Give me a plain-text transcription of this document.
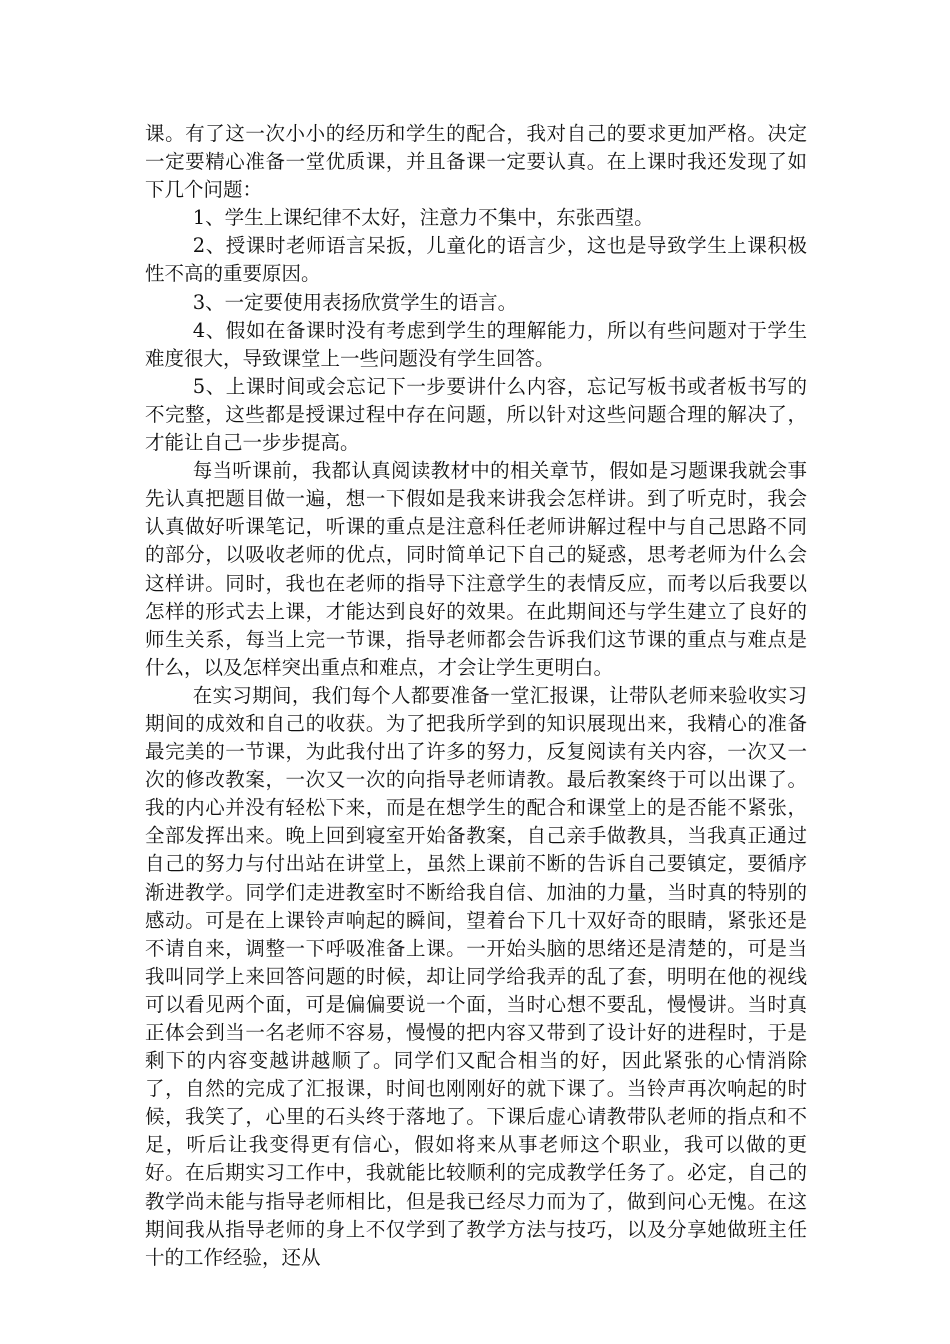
课。有了这一次小小的经历和学生的配合，我对自己的要求更加严格。决定一定要精心准备一堂优质课，并且备课一定要认真。在上课时我还发现了如下几个问题：

1、学生上课纪律不太好，注意力不集中，东张西望。

2、授课时老师语言呆扳，儿童化的语言少，这也是导致学生上课积极性不高的重要原因。

3、一定要使用表扬欣赏学生的语言。

4、假如在备课时没有考虑到学生的理解能力，所以有些问题对于学生难度很大，导致课堂上一些问题没有学生回答。

5、上课时间或会忘记下一步要讲什么内容，忘记写板书或者板书写的不完整，这些都是授课过程中存在问题，所以针对这些问题合理的解决了，才能让自己一步步提高。

每当听课前，我都认真阅读教材中的相关章节，假如是习题课我就会事先认真把题目做一遍，想一下假如是我来讲我会怎样讲。到了听克时，我会认真做好听课笔记，听课的重点是注意科任老师讲解过程中与自己思路不同的部分，以吸收老师的优点，同时简单记下自己的疑惑，思考老师为什么会这样讲。同时，我也在老师的指导下注意学生的表情反应，而考以后我要以怎样的形式去上课，才能达到良好的效果。在此期间还与学生建立了良好的师生关系，每当上完一节课，指导老师都会告诉我们这节课的重点与难点是什么，以及怎样突出重点和难点，才会让学生更明白。

在实习期间，我们每个人都要准备一堂汇报课，让带队老师来验收实习期间的成效和自己的收获。为了把我所学到的知识展现出来，我精心的准备最完美的一节课，为此我付出了许多的努力，反复阅读有关内容，一次又一次的修改教案，一次又一次的向指导老师请教。最后教案终于可以出课了。我的内心并没有轻松下来，而是在想学生的配合和课堂上的是否能不紧张，全部发挥出来。晚上回到寝室开始备教案，自己亲手做教具，当我真正通过自己的努力与付出站在讲堂上，虽然上课前不断的告诉自己要镇定，要循序渐进教学。同学们走进教室时不断给我自信、加油的力量，当时真的特别的感动。可是在上课铃声响起的瞬间，望着台下几十双好奇的眼睛，紧张还是不请自来，调整一下呼吸准备上课。一开始头脑的思绪还是清楚的，可是当我叫同学上来回答问题的时候，却让同学给我弄的乱了套，明明在他的视线可以看见两个面，可是偏偏要说一个面，当时心想不要乱，慢慢讲。当时真正体会到当一名老师不容易，慢慢的把内容又带到了设计好的进程时，于是剩下的内容变越讲越顺了。同学们又配合相当的好，因此紧张的心情消除了，自然的完成了汇报课，时间也刚刚好的就下课了。当铃声再次响起的时候，我笑了，心里的石头终于落地了。下课后虚心请教带队老师的指点和不足，听后让我变得更有信心，假如将来从事老师这个职业，我可以做的更好。在后期实习工作中，我就能比较顺利的完成教学任务了。必定，自己的教学尚未能与指导老师相比，但是我已经尽力而为了，做到问心无愧。在这期间我从指导老师的身上不仅学到了教学方法与技巧，以及分享她做班主任十的工作经验，还从
